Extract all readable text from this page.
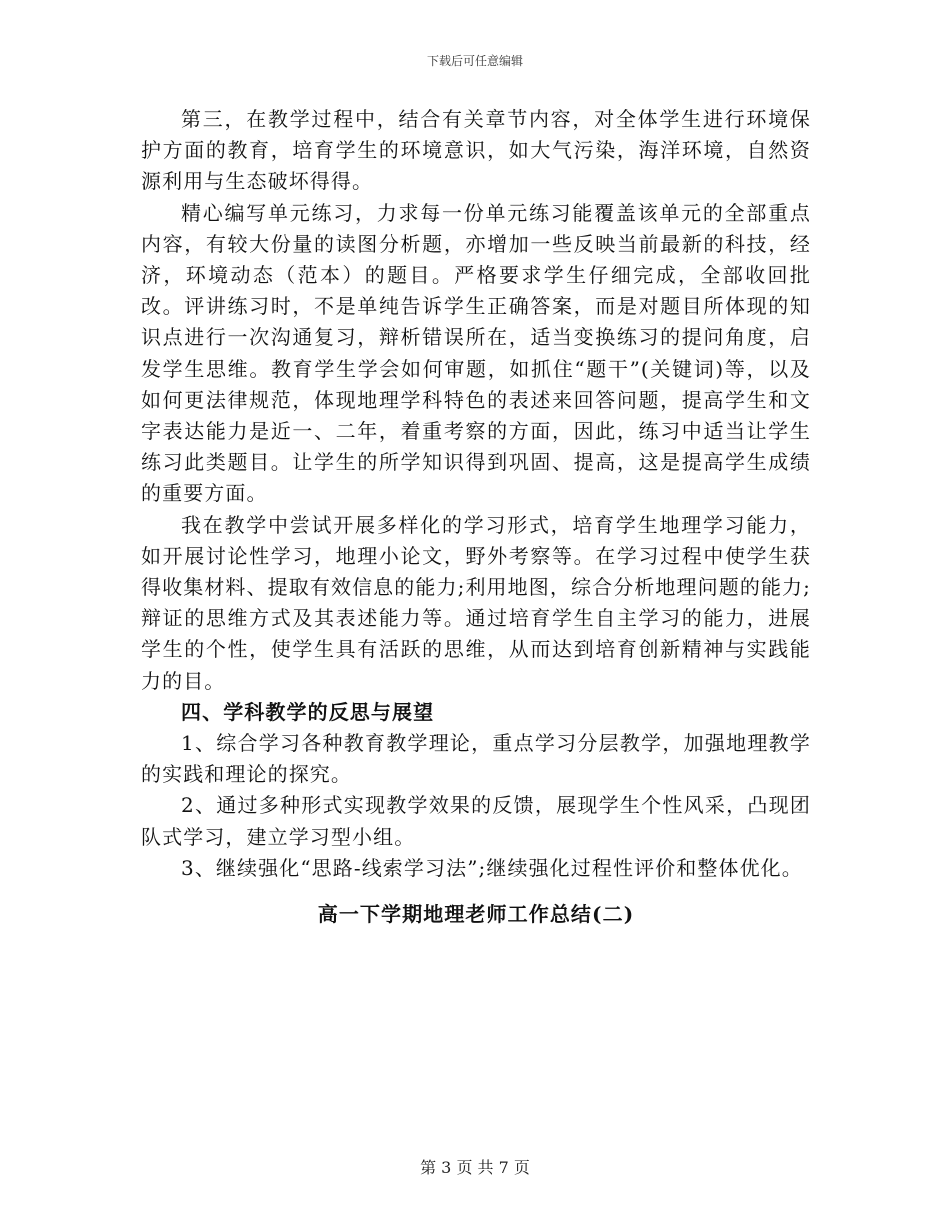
下载后可任意编辑

第三，在教学过程中，结合有关章节内容，对全体学生进行环境保护方面的教育，培育学生的环境意识，如大气污染，海洋环境，自然资源利用与生态破坏得得。

精心编写单元练习，力求每一份单元练习能覆盖该单元的全部重点内容，有较大份量的读图分析题，亦增加一些反映当前最新的科技，经济，环境动态（范本）的题目。严格要求学生仔细完成，全部收回批改。评讲练习时，不是单纯告诉学生正确答案，而是对题目所体现的知识点进行一次沟通复习，辩析错误所在，适当变换练习的提问角度，启发学生思维。教育学生学会如何审题，如抓住“题干”(关键词)等，以及如何更法律规范，体现地理学科特色的表述来回答问题，提高学生和文字表达能力是近一、二年，着重考察的方面，因此，练习中适当让学生练习此类题目。让学生的所学知识得到巩固、提高，这是提高学生成绩的重要方面。

我在教学中尝试开展多样化的学习形式，培育学生地理学习能力，如开展讨论性学习，地理小论文，野外考察等。在学习过程中使学生获得收集材料、提取有效信息的能力;利用地图，综合分析地理问题的能力;辩证的思维方式及其表述能力等。通过培育学生自主学习的能力，进展学生的个性，使学生具有活跃的思维，从而达到培育创新精神与实践能力的目。

四、学科教学的反思与展望

1、综合学习各种教育教学理论，重点学习分层教学，加强地理教学的实践和理论的探究。

2、通过多种形式实现教学效果的反馈，展现学生个性风采，凸现团队式学习，建立学习型小组。

3、继续强化“思路-线索学习法”;继续强化过程性评价和整体优化。

高一下学期地理老师工作总结(二)

第 3 页 共 7 页
